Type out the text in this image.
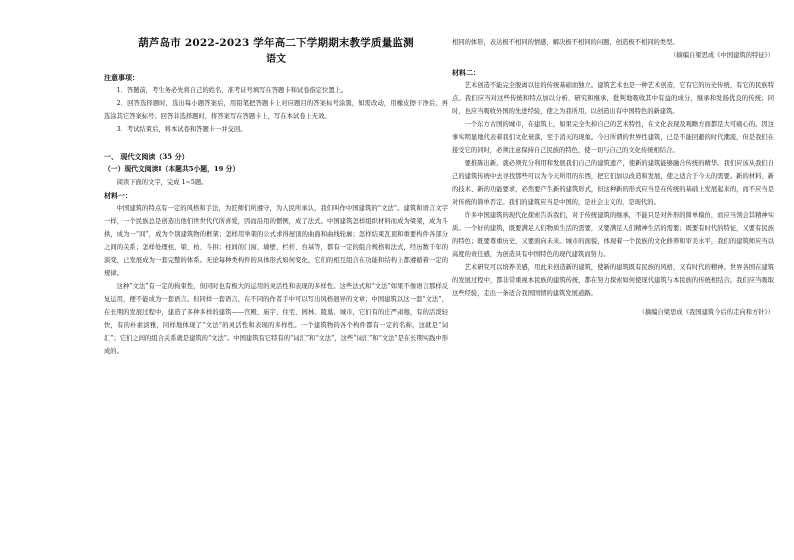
葫芦岛市 2022-2023 学年高二下学期期末教学质量监测
语文
注意事项：

1．答题前，考生务必先将自己的姓名、准考证号填写在答题卡和试卷指定位置上。

2．回答选择题时，选出每小题答案后，用铅笔把答题卡上对应题目的答案标号涂黑，如需改动，用橡皮擦干净后，再选涂其它答案标号；回答非选择题时，将答案写在答题卡上，写在本试卷上无效。

3．考试结束后，将本试卷和答题卡一并交回。

一、 现代文阅读（35 分）
（一）现代文阅读Ⅰ（本题共5小题，19 分）

阅读下面的文字，完成 1~5题。

材料一：

中国建筑的特点有一定的风格和手法，为匠师们所遵守，为人民所承认，我们叫作中国建筑的“文法”。建筑和语言文字一样，一个民族总是创造出他们世世代代所喜爱，因而沿用的惯例，成了法式。中国建筑怎样组织材料而成为梁架，成为斗拱，成为一“间”，成为个别建筑物的框架；怎样用举架的公式求得屋顶的曲面和曲线轮廓；怎样结束瓦顶和重要构件各部分之间的关系；怎样处理柱、梁、枋、斗拱；柱间的门窗、墙壁、栏杆、台基等，都有一定的组合规格和法式，经历数千年的演变，已发展成为一套完整的体系。无论每种类构件的具体形式如何变化，它们的相互组合在功能和结构上都遵循着一定的规律。

这种“文法”有一定的拘束性，但同时也有极大的运用的灵活性和表现的多样性。这些法式和“文法”如果不像语言那样反复运用，便不能成为一套语言。但同样一套语言，在不同的作者手中可以写出风格迥异的文章；中国建筑以这一套“文法”，在长期的发展过程中，建造了多种多样的建筑——宫殿、庙宇、住宅、园林、陵墓、城市，它们有的庄严肃穆，有的活泼轻快，有的朴素淡雅，同样地体现了“文法”的灵活性和表现的多样性。一个建筑物的各个构件都有一定的名称，这就是“词汇”；它们之间的组合关系就是建筑的“文法”。中国建筑有它特有的“词汇”和“文法”，这些“词汇”和“文法”是在长期实践中形成的。

相同的体形，表达极不相同的情感，解决极不相同的问题，创造极不相同的类型。

（摘编自梁思成《中国建筑的特征》）

材料二：

艺术创造不能完全脱离以往的传统基础而独立。建筑艺术也是一种艺术创造，它有它的历史传统，有它的民族特点。我们应当对这些传统和特点加以分析、研究和继承，批判地吸收其中有益的成分，继承和发扬优良的传统；同时，也应当吸收外国的先进经验，使之为我所用，以创造出有中国特色的新建筑。

一个东方古国的城市，在建筑上，如果完全失掉自己的艺术特性，在文化表现及观瞻方面都是大可痛心的。因这事实明显地代表着我们文化衰落，至于消灭的现象。今日所谓的世界性建筑，已是不能回避的时代潮流，但是我们在接受它的同时，必须注意保持自己民族的特色，使一切与自己的文化传统相结合。

要推陈出新，就必须充分利用和发展我们自己的建筑遗产，使新的建筑能够融合传统的精华。我们应该从我们自己的建筑传统中去寻找那些可以为今天所用的东西，把它们加以改造和发展，使之适合于今天的需要。新的材料、新的技术、新的功能要求，必然要产生新的建筑形式，但这种新的形式应当是在传统的基础上发展起来的，而不应当是对传统的简单否定。我们的建筑应当是中国的，是社会主义的，是现代的。

许多中国建筑的现代化探索告诉我们，对于传统建筑的继承，不能只是对外形的简单模仿，而应当领会其精神实质。一个好的建筑，既要满足人们物质生活的需要，又要满足人们精神生活的需要；既要有时代的特征，又要有民族的特色；既要尊重历史，又要面向未来。城市的面貌，体现着一个民族的文化修养和审美水平，我们的建筑师应当以高度的责任感，为创造具有中国特色的现代建筑而努力。

艺术研究可以培养美感，用此来创造新的建筑，使新的建筑既有民族的风格，又有时代的精神。世界各国在建筑的发展过程中，都非常重视本民族的建筑传统，都在努力探索如何使现代建筑与本民族的传统相结合。我们应当吸取这些经验，走出一条适合我国国情的建筑发展道路。

（摘编自梁思成《我国建筑今后的走向和方针》）
